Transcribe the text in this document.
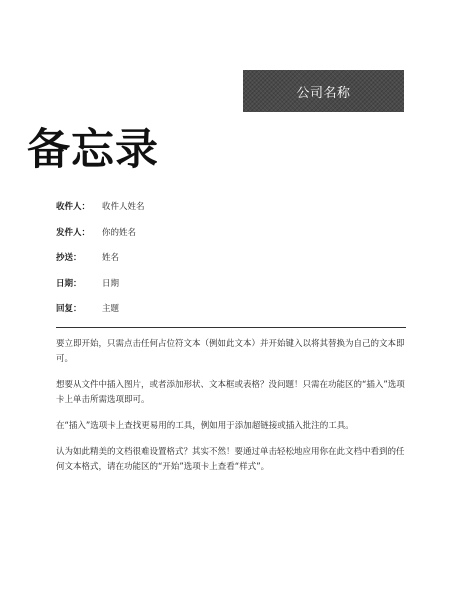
公司名称
备忘录
收件人：	收件人姓名
发件人：	你的姓名
抄送：	姓名
日期：	日期
回复：	主题

要立即开始，只需点击任何占位符文本（例如此文本）并开始键入以将其替换为自己的文本即可。

想要从文件中插入图片，或者添加形状、文本框或表格？没问题！只需在功能区的“插入”选项卡上单击所需选项即可。

在“插入”选项卡上查找更易用的工具，例如用于添加超链接或插入批注的工具。

认为如此精美的文档很难设置格式？其实不然！要通过单击轻松地应用你在此文档中看到的任何文本格式，请在功能区的“开始”选项卡上查看“样式”。
